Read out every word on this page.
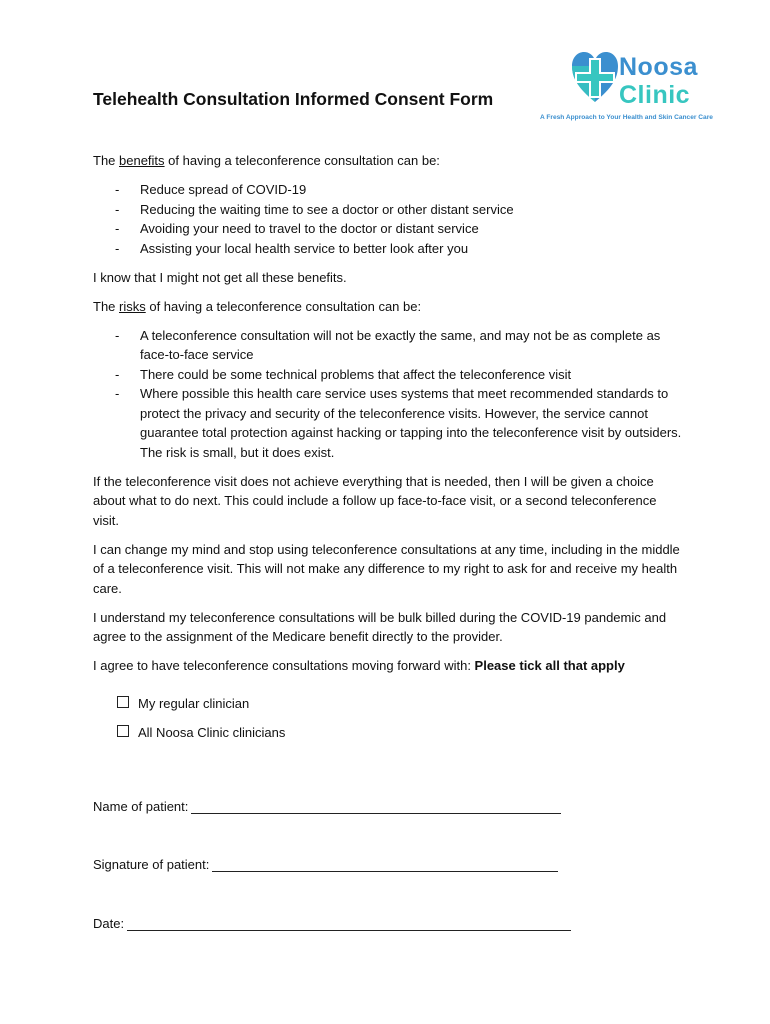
Telehealth Consultation Informed Consent Form
Noosa
Clinic
A Fresh Approach to Your Health and Skin Cancer Care

The benefits of having a teleconference consultation can be:

- Reduce spread of COVID-19
- Reducing the waiting time to see a doctor or other distant service
- Avoiding your need to travel to the doctor or distant service
- Assisting your local health service to better look after you

I know that I might not get all these benefits.

The risks of having a teleconference consultation can be:

- A teleconference consultation will not be exactly the same, and may not be as complete as face-to-face service
- There could be some technical problems that affect the teleconference visit
- Where possible this health care service uses systems that meet recommended standards to protect the privacy and security of the teleconference visits. However, the service cannot guarantee total protection against hacking or tapping into the teleconference visit by outsiders. The risk is small, but it does exist.

If the teleconference visit does not achieve everything that is needed, then I will be given a choice about what to do next. This could include a follow up face-to-face visit, or a second teleconference visit.

I can change my mind and stop using teleconference consultations at any time, including in the middle of a teleconference visit. This will not make any difference to my right to ask for and receive my health care.

I understand my teleconference consultations will be bulk billed during the COVID-19 pandemic and agree to the assignment of the Medicare benefit directly to the provider.

I agree to have teleconference consultations moving forward with: Please tick all that apply

My regular clinician
All Noosa Clinic clinicians
Name of patient:
Signature of patient:
Date:
